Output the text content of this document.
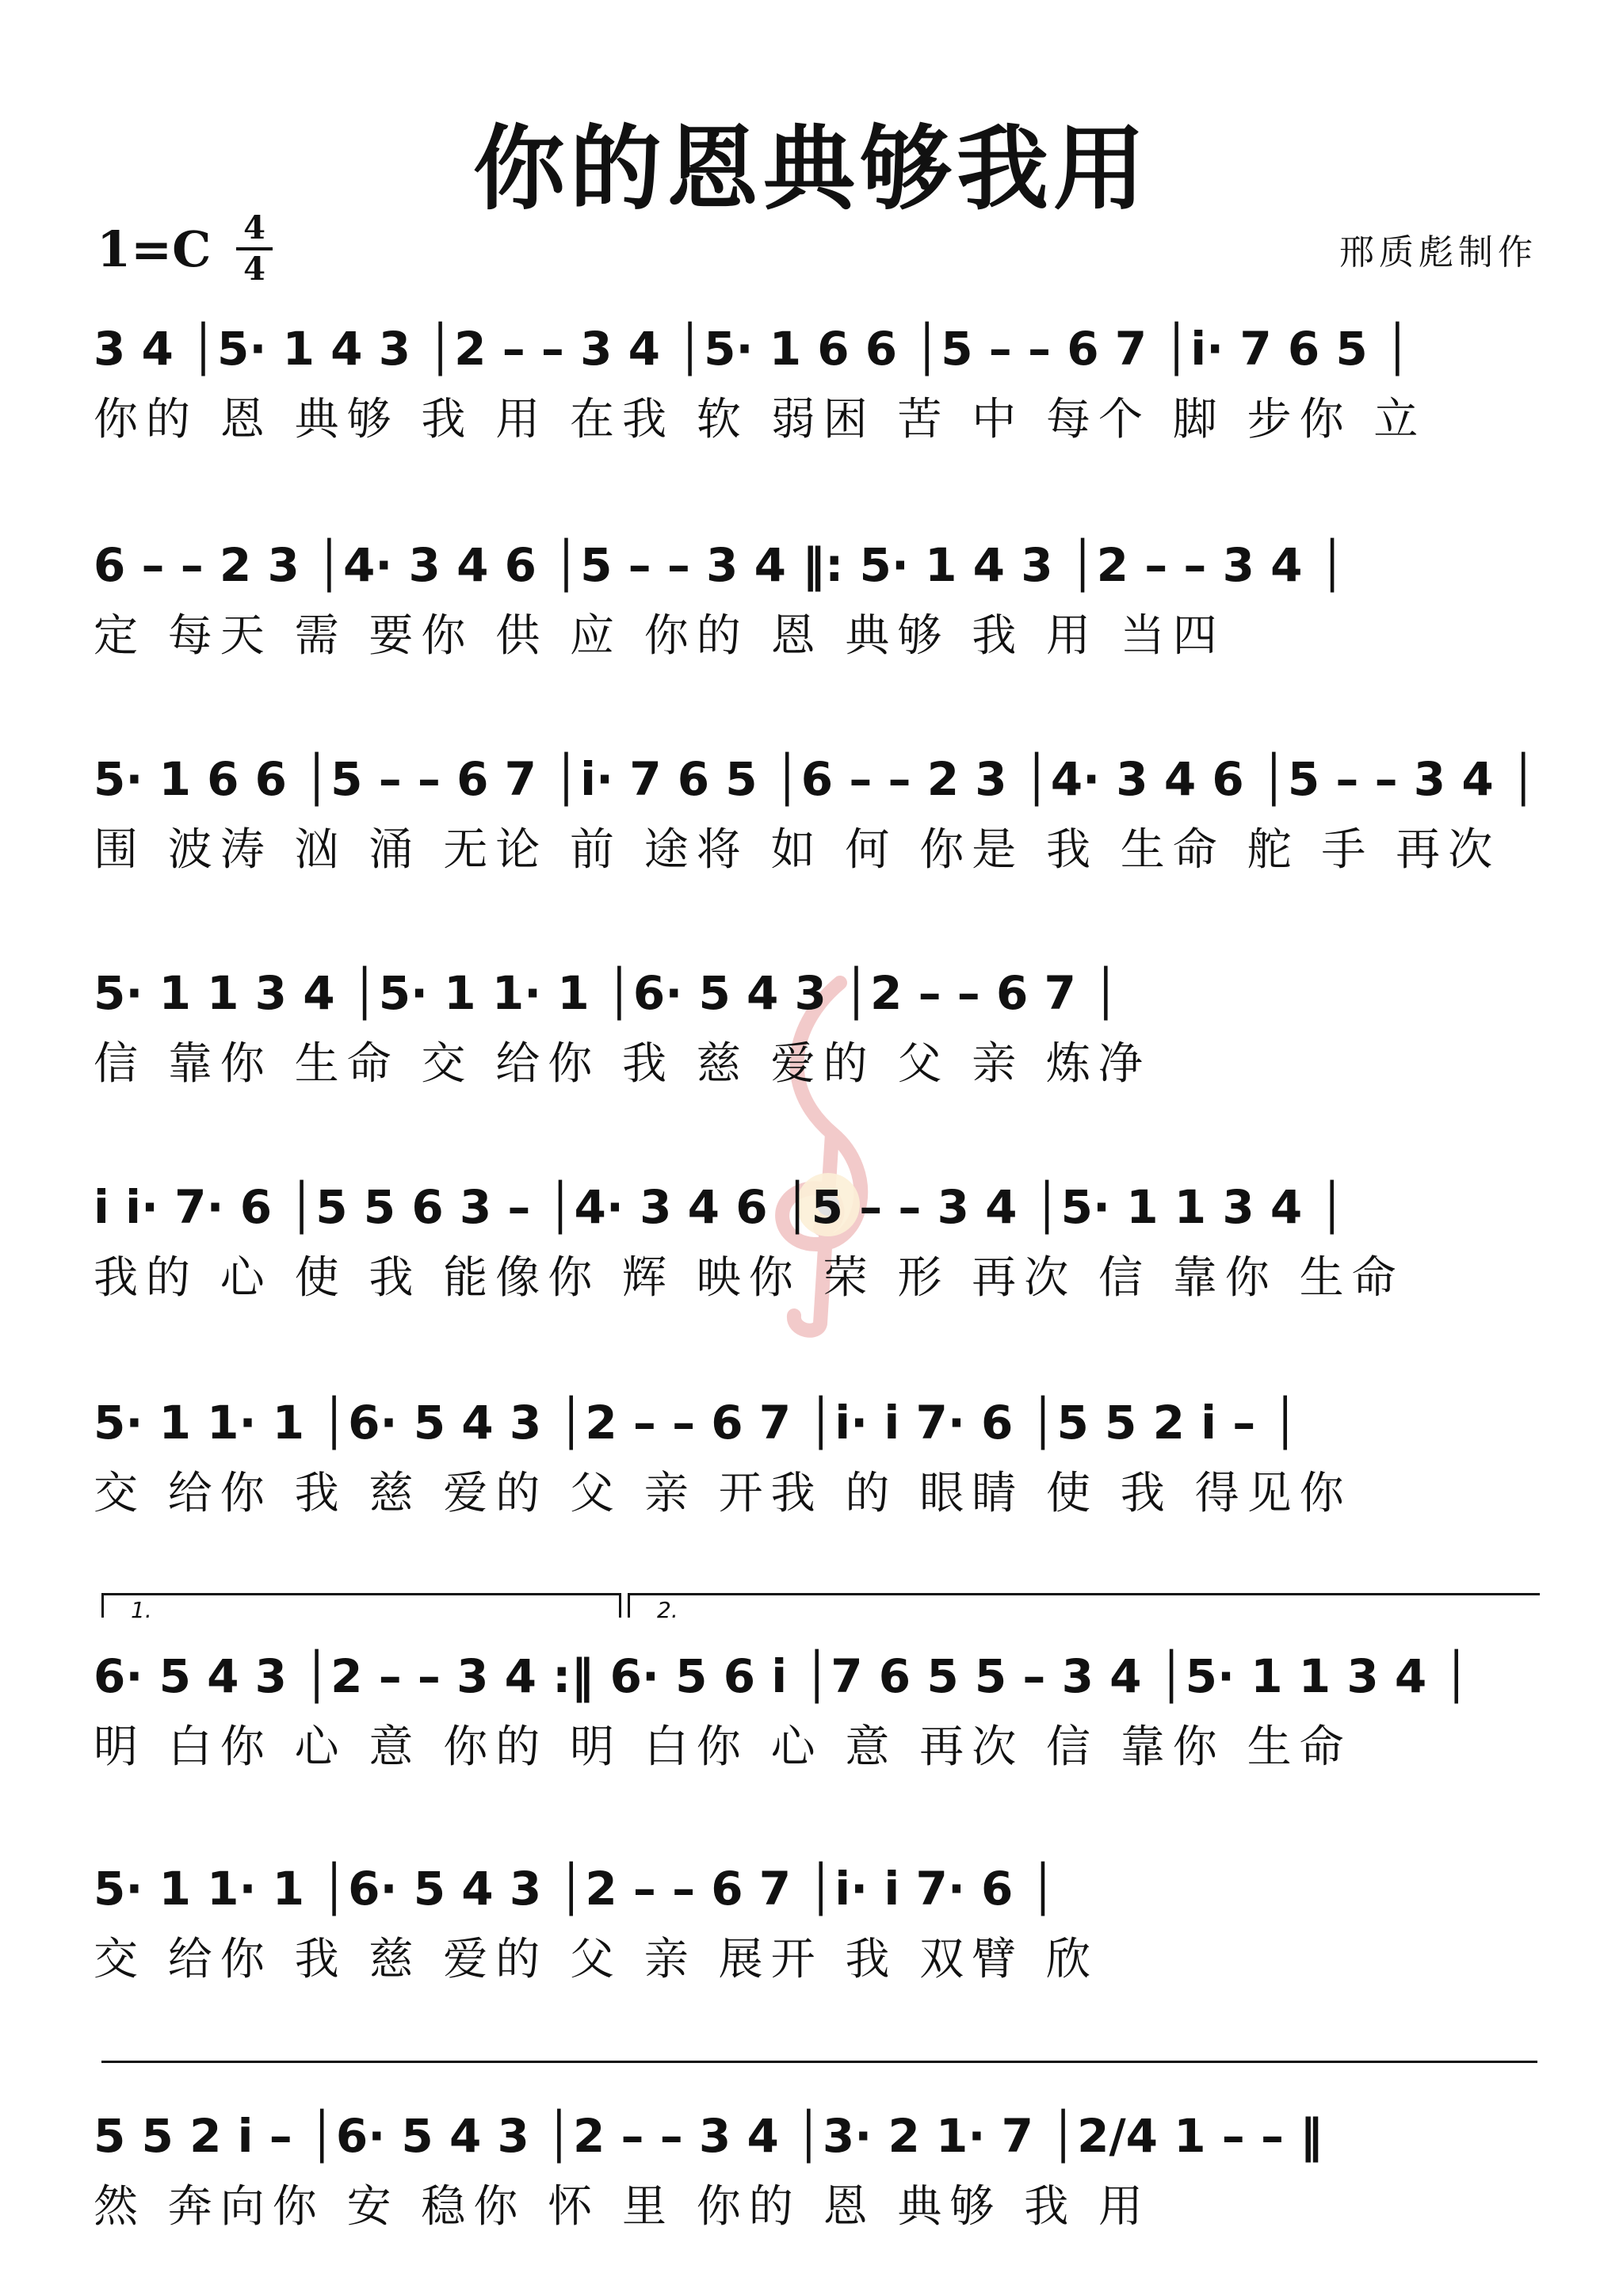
你的恩典够我用
1=C 4
4	邢质彪制作
3 4 │5· 1 4 3 │2 – – 3 4 │5· 1 6 6 │5 – – 6 7 │i· 7 6 5 │
你的 恩 典够 我 用 在我 软 弱困 苦 中 每个 脚 步你 立
6 – – 2 3 │4· 3 4 6 │5 – – 3 4 ‖: 5· 1 4 3 │2 – – 3 4 │
定 每天 需 要你 供 应 你的 恩 典够 我 用 当四
5· 1 6 6 │5 – – 6 7 │i· 7 6 5 │6 – – 2 3 │4· 3 4 6 │5 – – 3 4 │
围 波涛 汹 涌 无论 前 途将 如 何 你是 我 生命 舵 手 再次
5· 1 1 3 4 │5· 1 1· 1 │6· 5 4 3 │2 – – 6 7 │
信 靠你 生命 交 给你 我 慈 爱的 父 亲 炼净
i i· 7· 6 │5 5 6 3 – │4· 3 4 6 │5 – – 3 4 │5· 1 1 3 4 │
我的 心 使 我 能像你 辉 映你 荣 形 再次 信 靠你 生命
5· 1 1· 1 │6· 5 4 3 │2 – – 6 7 │i· i 7· 6 │5 5 2 i – │
交 给你 我 慈 爱的 父 亲 开我 的 眼睛 使 我 得见你
1.	2.
6· 5 4 3 │2 – – 3 4 :‖ 6· 5 6 i │7 6 5 5 – 3 4 │5· 1 1 3 4 │
明 白你 心 意 你的 明 白你 心 意 再次 信 靠你 生命
5· 1 1· 1 │6· 5 4 3 │2 – – 6 7 │i· i 7· 6 │
交 给你 我 慈 爱的 父 亲 展开 我 双臂 欣
5 5 2 i – │6· 5 4 3 │2 – – 3 4 │3· 2 1· 7 │2/4 1 – – ‖
然 奔向你 安 稳你 怀 里 你的 恩 典够 我 用
